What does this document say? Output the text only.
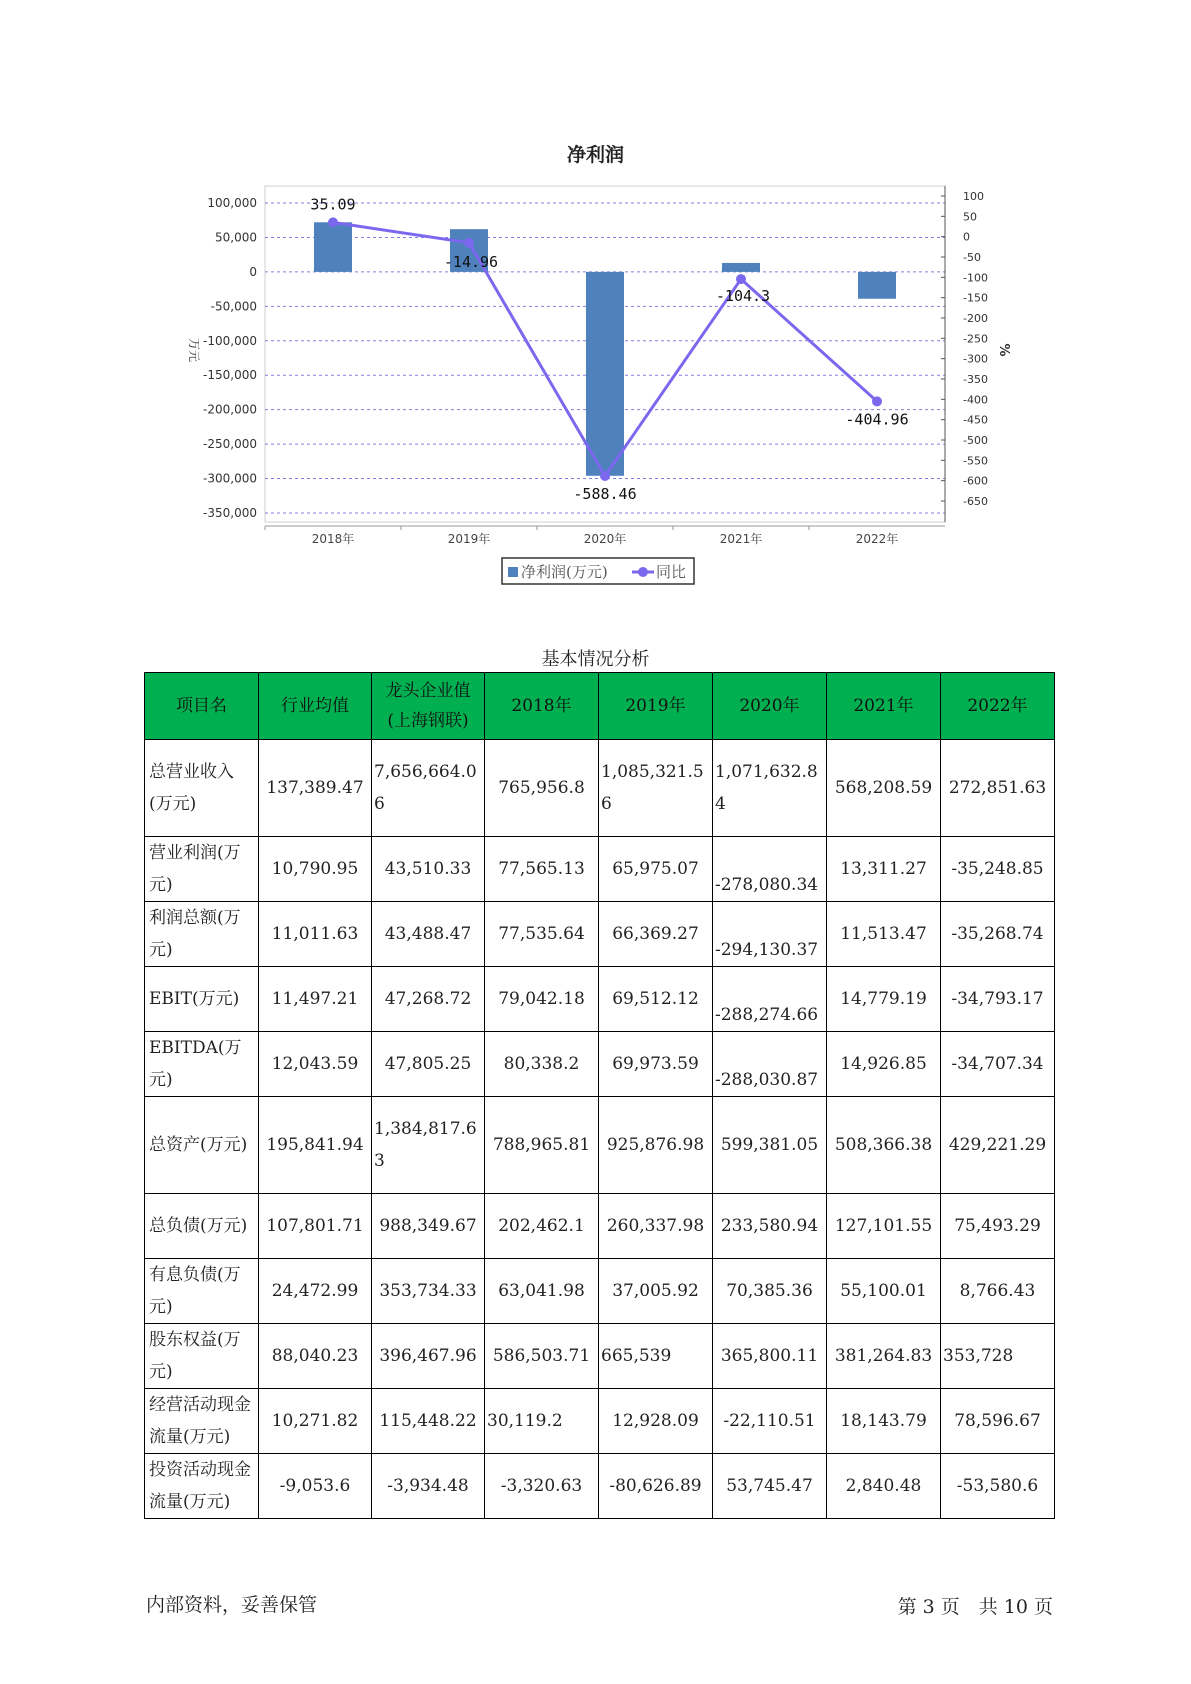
100,000
50,000
0
-50,000
-100,000
-150,000
-200,000
-250,000
-300,000
-350,000
100
50
0
-50
-100
-150
-200
-250
-300
-350
-400
-450
-500
-550
-600
-650
2018年	2019年	2020年	2021年	2022年
万元	%
35.09
-14.96
-588.46
-104.3
-404.96
净利润(万元)	同比
净利润
基本情况分析
项目名	行业均值	龙头企业值(上海钢联)	2018年	2019年	2020年	2021年	2022年
总营业收入(万元)	137,389.47	7,656,664.06	765,956.8	1,085,321.56	1,071,632.84	568,208.59	272,851.63
营业利润(万元)	10,790.95	43,510.33	77,565.13	65,975.07	-278,080.34	13,311.27	-35,248.85
利润总额(万元)	11,011.63	43,488.47	77,535.64	66,369.27	-294,130.37	11,513.47	-35,268.74
EBIT(万元)	11,497.21	47,268.72	79,042.18	69,512.12	-288,274.66	14,779.19	-34,793.17
EBITDA(万元)	12,043.59	47,805.25	80,338.2	69,973.59	-288,030.87	14,926.85	-34,707.34
总资产(万元)	195,841.94	1,384,817.63	788,965.81	925,876.98	599,381.05	508,366.38	429,221.29
总负债(万元)	107,801.71	988,349.67	202,462.1	260,337.98	233,580.94	127,101.55	75,493.29
有息负债(万元)	24,472.99	353,734.33	63,041.98	37,005.92	70,385.36	55,100.01	8,766.43
股东权益(万元)	88,040.23	396,467.96	586,503.71	665,539	365,800.11	381,264.83	353,728
经营活动现金流量(万元)	10,271.82	115,448.22	30,119.2	12,928.09	-22,110.51	18,143.79	78,596.67
投资活动现金流量(万元)	-9,053.6	-3,934.48	-3,320.63	-80,626.89	53,745.47	2,840.48	-53,580.6
内部资料，妥善保管	第 3 页　共 10 页
